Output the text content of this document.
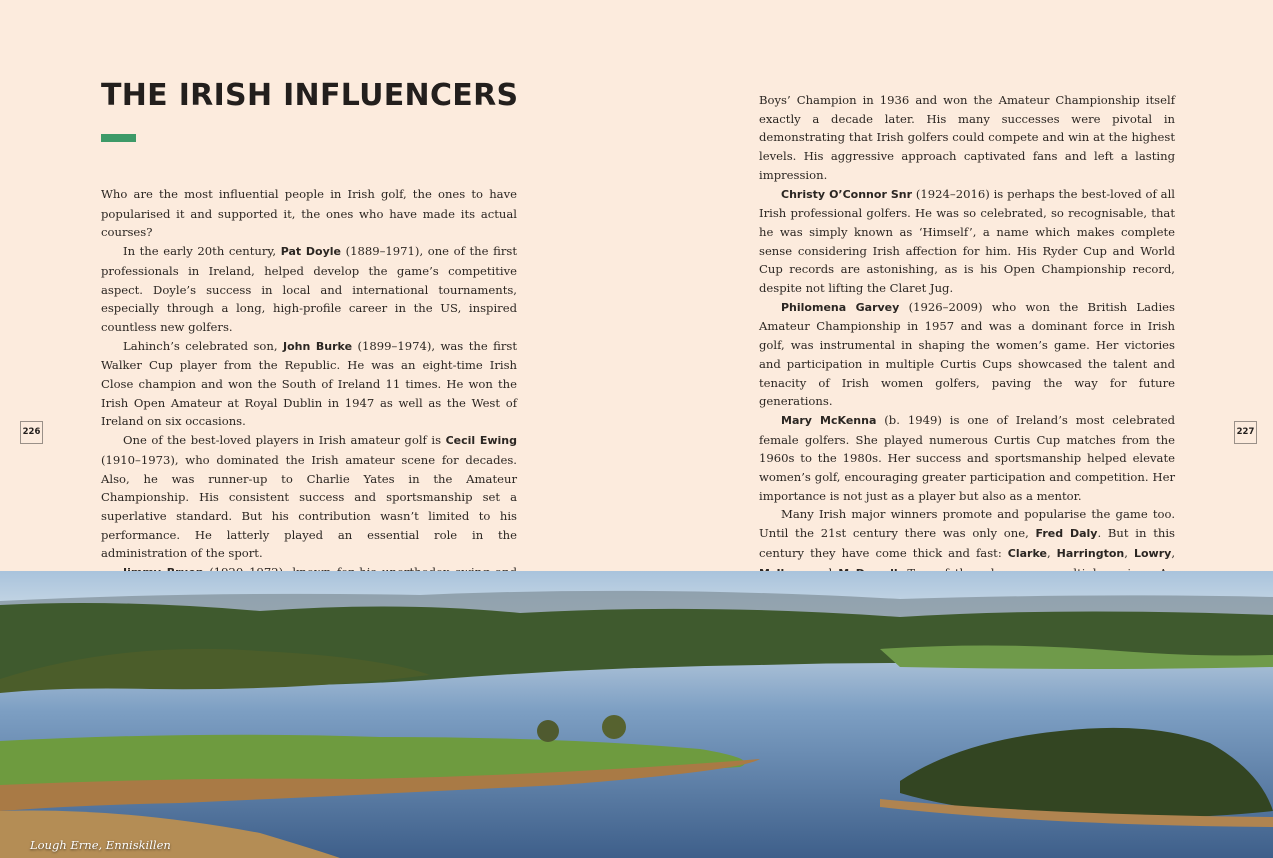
THE IRISH INFLUENCERS

Who are the most influential people in Irish golf, the ones to have popularised it and supported it, the ones who have made its actual courses?

In the early 20th century, Pat Doyle (1889–1971), one of the first professionals in Ireland, helped develop the game’s competitive aspect. Doyle’s success in local and international tournaments, especially through a long, high-profile career in the US, inspired countless new golfers.

Lahinch’s celebrated son, John Burke (1899–1974), was the first Walker Cup player from the Republic. He was an eight-time Irish Close champion and won the South of Ireland 11 times. He won the Irish Open Amateur at Royal Dublin in 1947 as well as the West of Ireland on six occasions.

One of the best-loved players in Irish amateur golf is Cecil Ewing (1910–1973), who dominated the Irish amateur scene for decades. Also, he was runner-up to Charlie Yates in the Amateur Championship. His consistent success and sportsmanship set a superlative standard. But his contribution wasn’t limited to his performance. He latterly played an essential role in the administration of the sport.

Boys’ Champion in 1936 and won the Amateur Championship itself exactly a decade later. His many successes were pivotal in demonstrating that Irish golfers could compete and win at the highest levels. His aggressive approach captivated fans and left a lasting impression.

Christy O’Connor Snr (1924–2016) is perhaps the best-loved of all Irish professional golfers. He was so celebrated, so recognisable, that he was simply known as ‘Himself’, a name which makes complete sense considering Irish affection for him. His Ryder Cup and World Cup records are astonishing, as is his Open Championship record, despite not lifting the Claret Jug.

Philomena Garvey (1926–2009) who won the British Ladies Amateur Championship in 1957 and was a dominant force in Irish golf, was instrumental in shaping the women’s game. Her victories and participation in multiple Curtis Cups showcased the talent and tenacity of Irish women golfers, paving the way for future generations.

Mary McKenna (b. 1949) is one of Ireland’s most celebrated female golfers. She played numerous Curtis Cup matches from the 1960s to the 1980s. Her success and sportsmanship helped elevate women’s golf, encouraging greater participation and competition. Her importance is not just as a player but also as a mentor.

Many Irish major winners promote and popularise the game too. Until the 21st century there was only one, Fred Daly. But in this century they have come thick and fast: Clarke, Harrington, Lowry,

226	227
Lough Erne, Enniskillen
